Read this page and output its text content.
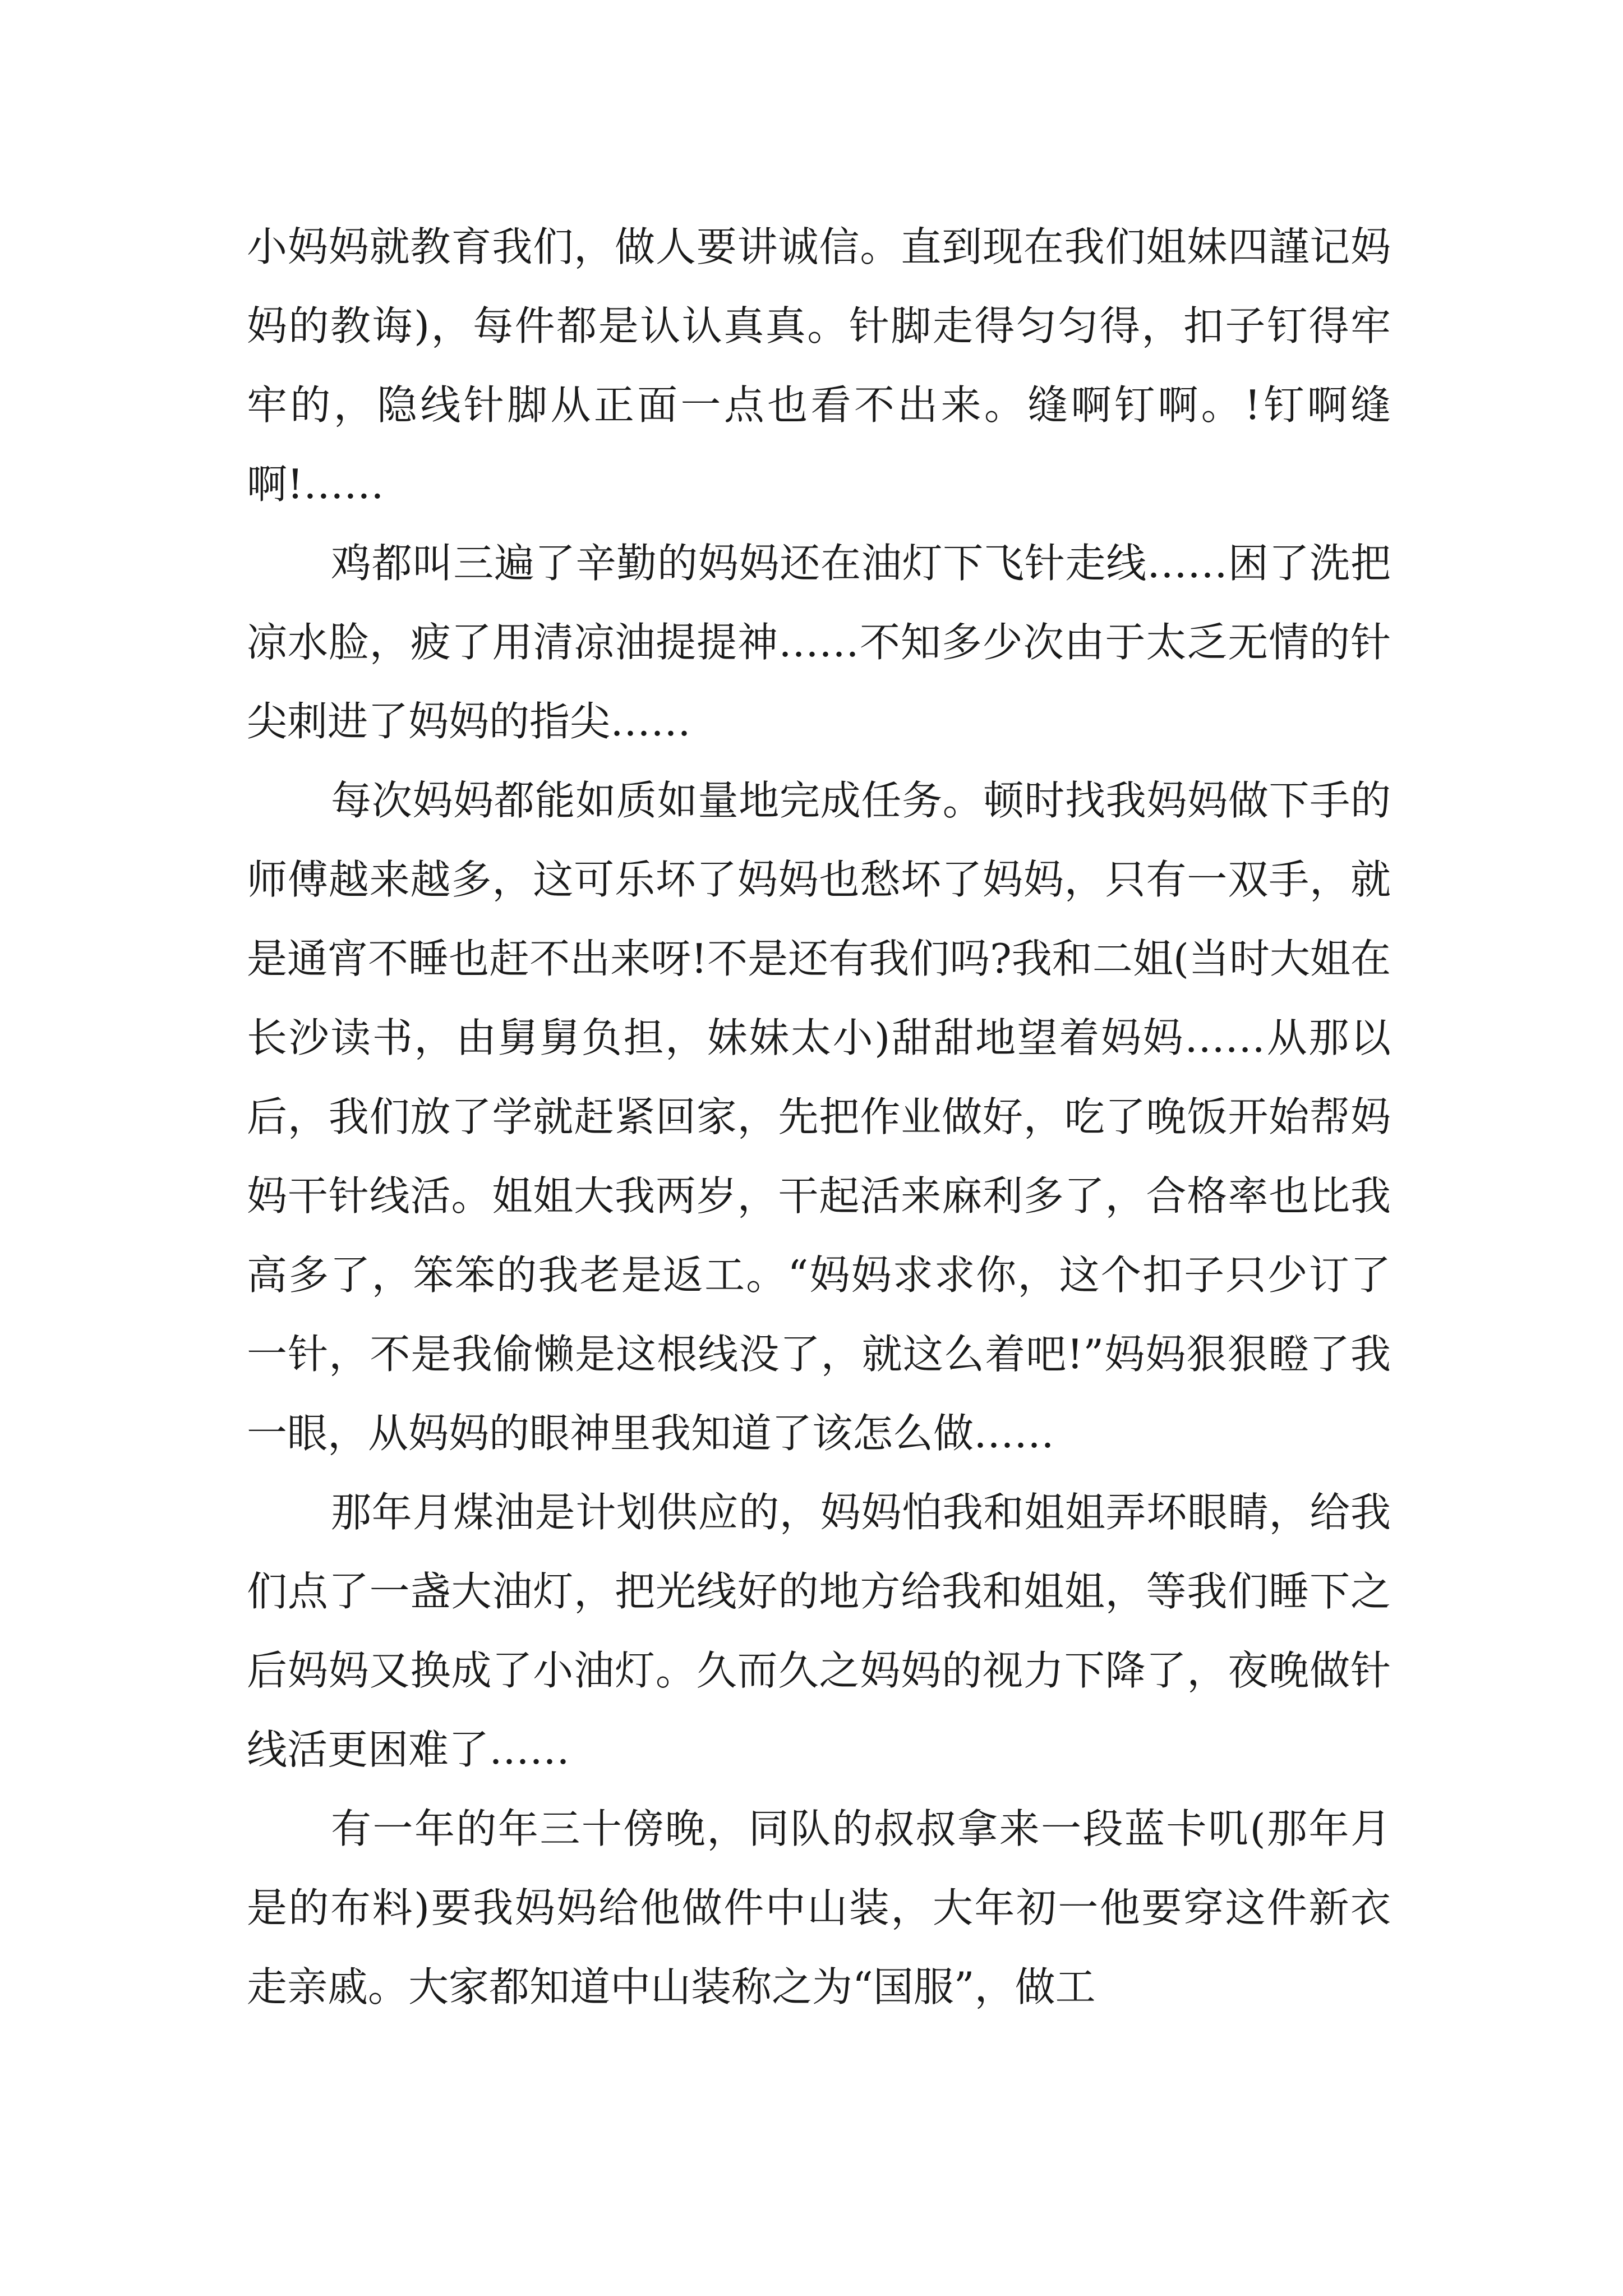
小妈妈就教育我们，做人要讲诚信。直到现在我们姐妹四謹记妈妈的教诲)，每件都是认认真真。针脚走得匀匀得，扣子钉得牢牢的，隐线针脚从正面一点也看不出来。缝啊钉啊。!钉啊缝啊!……

鸡都叫三遍了辛勤的妈妈还在油灯下飞针走线……困了洗把凉水脸，疲了用清凉油提提神……不知多少次由于太乏无情的针尖刺进了妈妈的指尖……

每次妈妈都能如质如量地完成任务。顿时找我妈妈做下手的师傅越来越多，这可乐坏了妈妈也愁坏了妈妈，只有一双手，就是通宵不睡也赶不出来呀!不是还有我们吗?我和二姐(当时大姐在长沙读书，由舅舅负担，妹妹太小)甜甜地望着妈妈……从那以后，我们放了学就赶紧回家，先把作业做好，吃了晚饭开始帮妈妈干针线活。姐姐大我两岁，干起活来麻利多了，合格率也比我高多了，笨笨的我老是返工。“妈妈求求你，这个扣子只少订了一针，不是我偷懒是这根线没了，就这么着吧!”妈妈狠狠瞪了我一眼，从妈妈的眼神里我知道了该怎么做……

那年月煤油是计划供应的，妈妈怕我和姐姐弄坏眼睛，给我们点了一盏大油灯，把光线好的地方给我和姐姐，等我们睡下之后妈妈又换成了小油灯。久而久之妈妈的视力下降了，夜晚做针线活更困难了……

有一年的年三十傍晚，同队的叔叔拿来一段蓝卡叽(那年月是的布料)要我妈妈给他做件中山装，大年初一他要穿这件新衣走亲戚。大家都知道中山装称之为“国服”，做工
